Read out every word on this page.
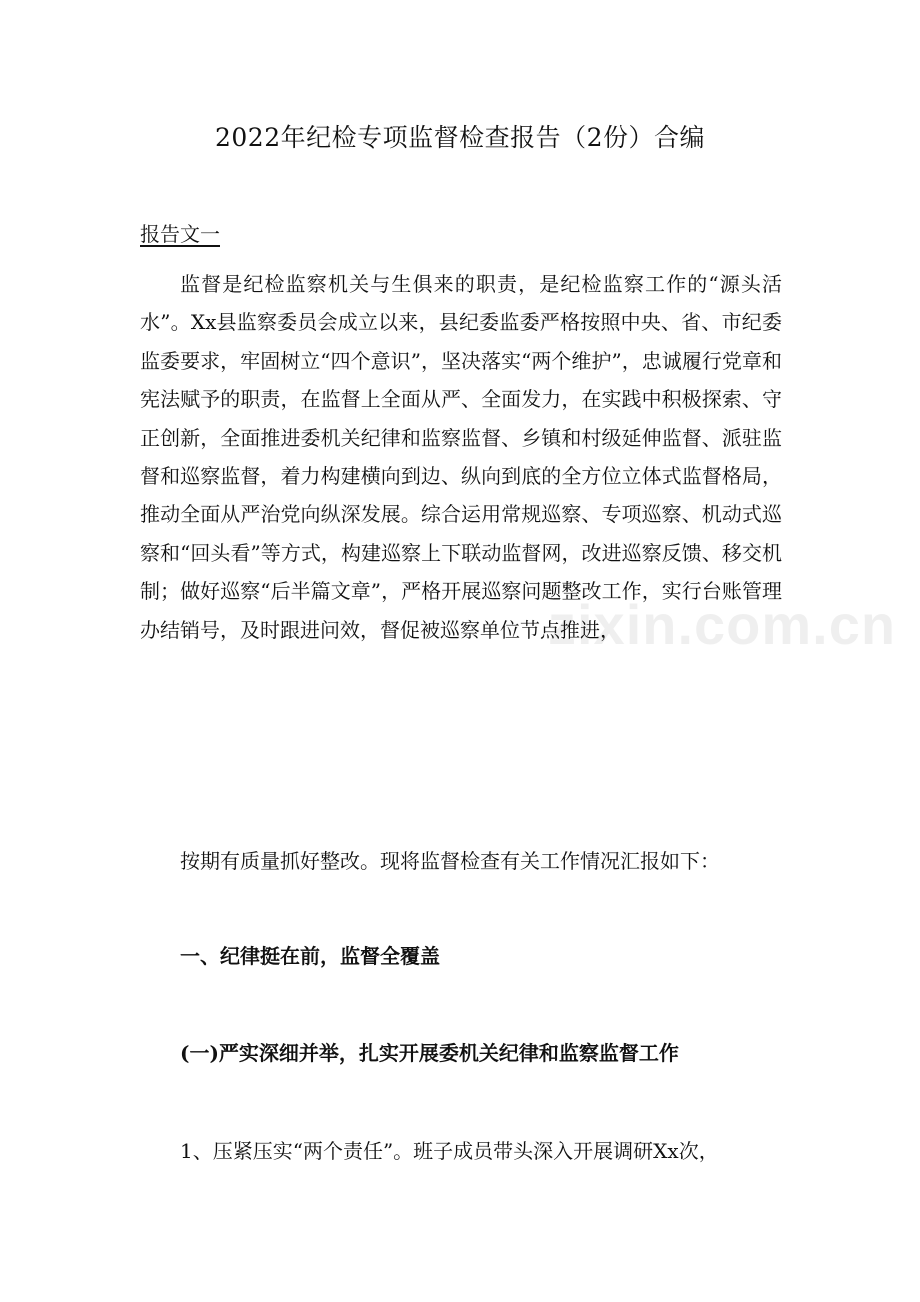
2022年纪检专项监督检查报告（2份）合编
报告文一

监督是纪检监察机关与生俱来的职责，是纪检监察工作的“源头活水”。Xx县监察委员会成立以来，县纪委监委严格按照中央、省、市纪委监委要求，牢固树立“四个意识”，坚决落实“两个维护”，忠诚履行党章和宪法赋予的职责，在监督上全面从严、全面发力，在实践中积极探索、守正创新，全面推进委机关纪律和监察监督、乡镇和村级延伸监督、派驻监督和巡察监督，着力构建横向到边、纵向到底的全方位立体式监督格局，推动全面从严治党向纵深发展。综合运用常规巡察、专项巡察、机动式巡察和“回头看”等方式，构建巡察上下联动监督网，改进巡察反馈、移交机制；做好巡察“后半篇文章”，严格开展巡察问题整改工作，实行台账管理办结销号，及时跟进问效，督促被巡察单位节点推进，

按期有质量抓好整改。现将监督检查有关工作情况汇报如下：
一、纪律挺在前，监督全覆盖
(一)严实深细并举，扎实开展委机关纪律和监察监督工作
1、压紧压实“两个责任”。班子成员带头深入开展调研Xx次，
zixin.com.cn
